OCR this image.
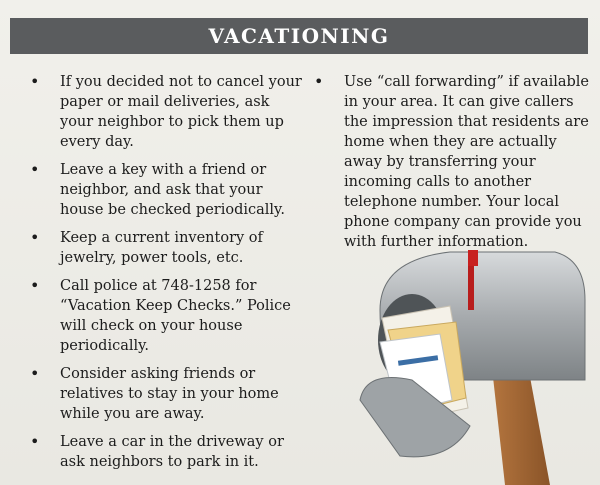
VACATIONING
• If you decided not to cancel your paper or mail deliveries, ask your neighbor to pick them up every day.
• Leave a key with a friend or neighbor, and ask that your house be checked periodically.
• Keep a current inventory of jewelry, power tools, etc.
• Call police at 748-1258 for “Vacation Keep Checks.” Police will check on your house periodically.
• Consider asking friends or relatives to stay in your home while you are away.
• Leave a car in the driveway or ask neighbors to park in it.
• Use “call forwarding” if available in your area. It can give callers the impression that residents are home when they are actually away by transferring your incoming calls to another telephone number. Your local phone company can provide you with further information.
